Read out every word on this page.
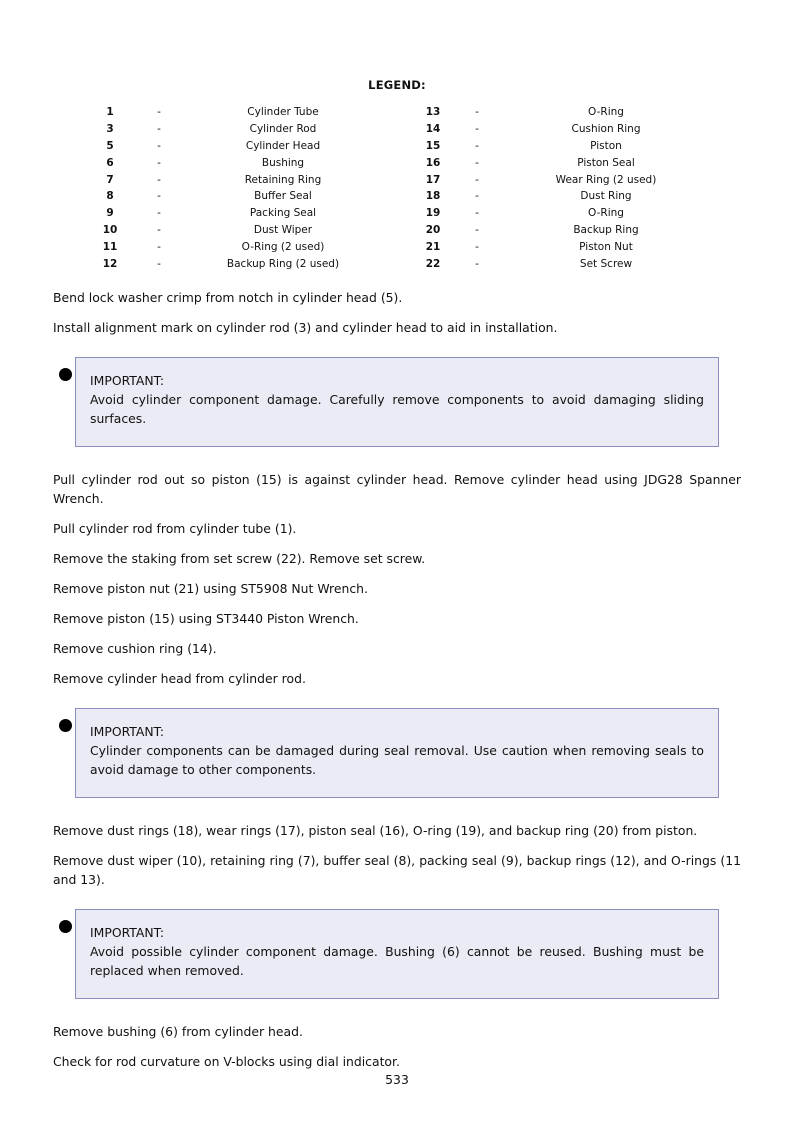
LEGEND:
1	-	Cylinder Tube	13	-	O-Ring
3	-	Cylinder Rod	14	-	Cushion Ring
5	-	Cylinder Head	15	-	Piston
6	-	Bushing	16	-	Piston Seal
7	-	Retaining Ring	17	-	Wear Ring (2 used)
8	-	Buffer Seal	18	-	Dust Ring
9	-	Packing Seal	19	-	O-Ring
10	-	Dust Wiper	20	-	Backup Ring
11	-	O-Ring (2 used)	21	-	Piston Nut
12	-	Backup Ring (2 used)	22	-	Set Screw

Bend lock washer crimp from notch in cylinder head (5).

Install alignment mark on cylinder rod (3) and cylinder head to aid in installation.

IMPORTANT:
Avoid cylinder component damage. Carefully remove components to avoid damaging sliding surfaces.

Pull cylinder rod out so piston (15) is against cylinder head. Remove cylinder head using JDG28 Spanner Wrench.

Pull cylinder rod from cylinder tube (1).

Remove the staking from set screw (22). Remove set screw.

Remove piston nut (21) using ST5908 Nut Wrench.

Remove piston (15) using ST3440 Piston Wrench.

Remove cushion ring (14).

Remove cylinder head from cylinder rod.

IMPORTANT:
Cylinder components can be damaged during seal removal. Use caution when removing seals to avoid damage to other components.

Remove dust rings (18), wear rings (17), piston seal (16), O-ring (19), and backup ring (20) from piston.

Remove dust wiper (10), retaining ring (7), buffer seal (8), packing seal (9), backup rings (12), and O-rings (11 and 13).

IMPORTANT:
Avoid possible cylinder component damage. Bushing (6) cannot be reused. Bushing must be replaced when removed.

Remove bushing (6) from cylinder head.

Check for rod curvature on V-blocks using dial indicator.

533
